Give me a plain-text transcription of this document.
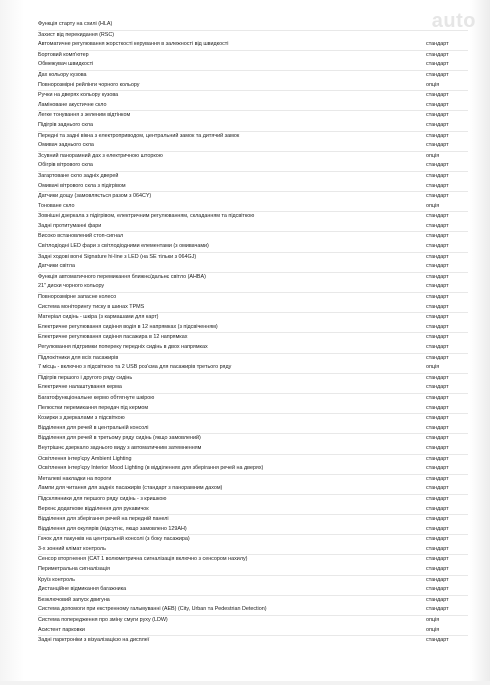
auto
Функція старту на схилі (HLA)
Захист від перекидання (RSC)
Автоматичне регулювання жорсткості керування в залежності від швидкості	стандарт
Бортовий комп'ютер	стандарт
Обмежувач швидкості	стандарт
Дах кольору кузова	стандарт
Повнорозмірні рейлінги чорного кольору	опція
Ручки на дверях кольору кузова	стандарт
Ламіноване акустичне скло	стандарт
Легке тонування з зеленим відтінком	стандарт
Підігрів заднього скла	стандарт
Передні та задні вікна з електроприводом, центральний замок та дитячий замок	стандарт
Омивач заднього скла	стандарт
Зсувний панорамний дах з електричною шторкою	опція
Обігрів вітрового скла	стандарт
Загартоване скло задніх дверей	стандарт
Омивачі вітрового скла з підігрівом	стандарт
Датчики дощу (замовляється разом з 064CY)	стандарт
Тоноване скло	опція
Зовнішні дзеркала з підігрівом, електричним регулюванням, складанням та підсвіткою	стандарт
Задні протитуманні фари	стандарт
Високо встановлений стоп-сигнал	стандарт
Світлодіодні LED фари з світлодіодними елементами (з омивачами)	стандарт
Задні ходові вогні Signature hi-line з LED (на SE тільки з 064GJ)	стандарт
Датчики світла	стандарт
Функція автоматичного перемикання ближнє/дальнє світло (AHBA)	стандарт
21" диски чорного кольору	стандарт
Повнорозмірне запасне колесо	стандарт
Система моніторингу тиску в шинах TPMS	стандарт
Матеріал сидінь - шкіра (з кармашами для карт)	стандарт
Електричне регулювання сидіння водія в 12 напрямках (з підсвіченням)	стандарт
Електричне регулювання сидіння пасажира в 12 напрямках	стандарт
Регулювання підтримки попереку передніх сидінь в двох напрямках	стандарт
Підлокітники для всіх пасажирів	стандарт
7 місць - включно з підсвіткою та 2 USB роз'єма для пасажирів третього ряду	опція
Підігрів першого і другого ряду сидінь	стандарт
Електричне налаштування керма	стандарт
Багатофункціональне кермо обтягнуте шкірою	стандарт
Пелюстки перемикання передач під кермом	стандарт
Козирки з дзеркалами з підсвіткою	стандарт
Відділення для речей в центральній консолі	стандарт
Відділення для речей в третьому ряду сидінь (якщо замовлений)	стандарт
Внутрішнє дзеркало заднього виду з автоматичним затемненням	стандарт
Освітлення інтер'єру Ambient Lighting	стандарт
Освітлення інтер'єру Interior Mood Lighting (в відділеннях для зберігання речей на дверях)	стандарт
Металеві накладки на пороги	стандарт
Лампи для читання для задніх пасажирів (стандарт з панорамним дахом)	стандарт
Підсклянники для першого ряду сидінь - з кришкою	стандарт
Верхнє додаткове відділення для рукавичок	стандарт
Відділення для зберігання речей на передній панелі	стандарт
Відділення для окулярів (відсутнє, якщо замовлено 129AH)	стандарт
Гачок для пакунків на центральній консолі (з боку пасажира)	стандарт
3-х зонний клімат контроль	стандарт
Сенсор вторгнення (CAT 1 волюметрична сигналізація включно з сенсором нахилу)	стандарт
Периметральна сигналізація	стандарт
Круїз контроль	стандарт
Дистанційне відмикання багажника	стандарт
Безключовий запуск двигуна	стандарт
Система допомоги при екстренному гальмуванні (AEB) (City, Urban та Pedestrian Detection)	стандарт
Система попередження про зміну смуги руху (LDW)	опція
Асистент парковки	опція
Задні парктроніки з візуалізацією на дисплеї	стандарт
